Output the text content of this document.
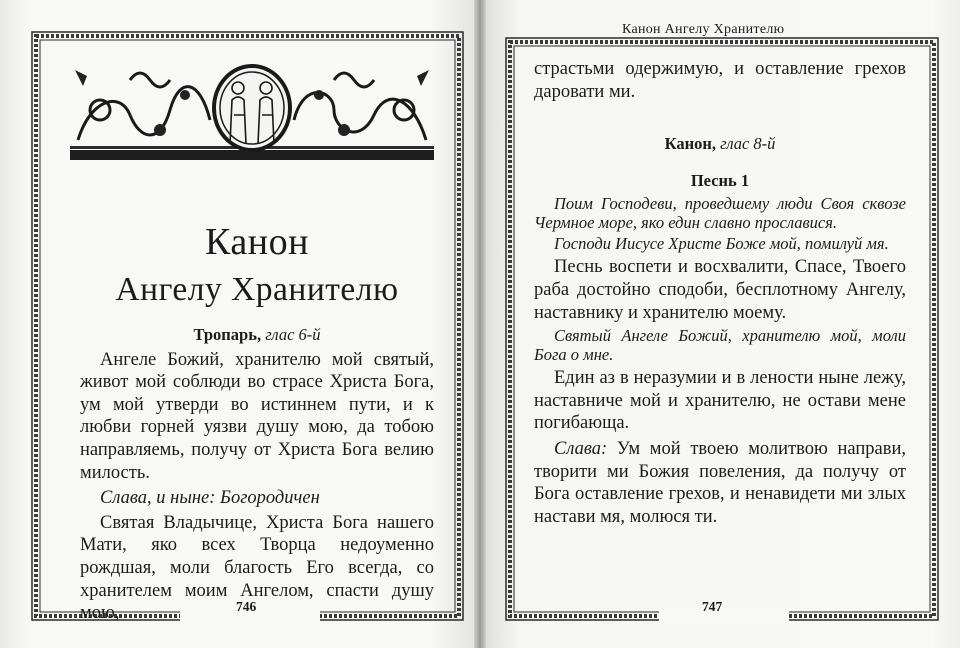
Канон

Ангелу Хранителю

Тропарь, глас 6-й

Ангеле Божий, хранителю мой святый, живот мой соблюди во страсе Христа Бога, ум мой утверди во истиннем пути, и к любви горней уязви душу мою, да тобою направляемь, получу от Христа Бога велию милость.

Слава, и ныне: Богородичен

Святая Владычице, Христа Бога нашего Мати, яко всех Творца недоуменно рождшая, моли благость Его всегда, со хранителем моим Ангелом, спасти душу мою,	746
Канон Ангелу Хранителю

страстьми одержимую, и оставление грехов даровати ми.

Канон, глас 8-й

Песнь 1

Поим Господеви, проведшему люди Своя сквозе Чермное море, яко един славно прославися.

Господи Иисусе Христе Боже мой, помилуй мя.

Песнь воспети и восхвалити, Спасе, Твоего раба достойно сподоби, бесплотному Ангелу, наставнику и хранителю моему.

Святый Ангеле Божий, хранителю мой, моли Бога о мне.

Един аз в неразумии и в лености ныне лежу, наставниче мой и хранителю, не остави мене погибающа.

Слава: Ум мой твоею молитвою направи, творити ми Божия повеления, да получу от Бога оставление грехов, и ненавидети ми злых настави мя, молюся ти.

747
